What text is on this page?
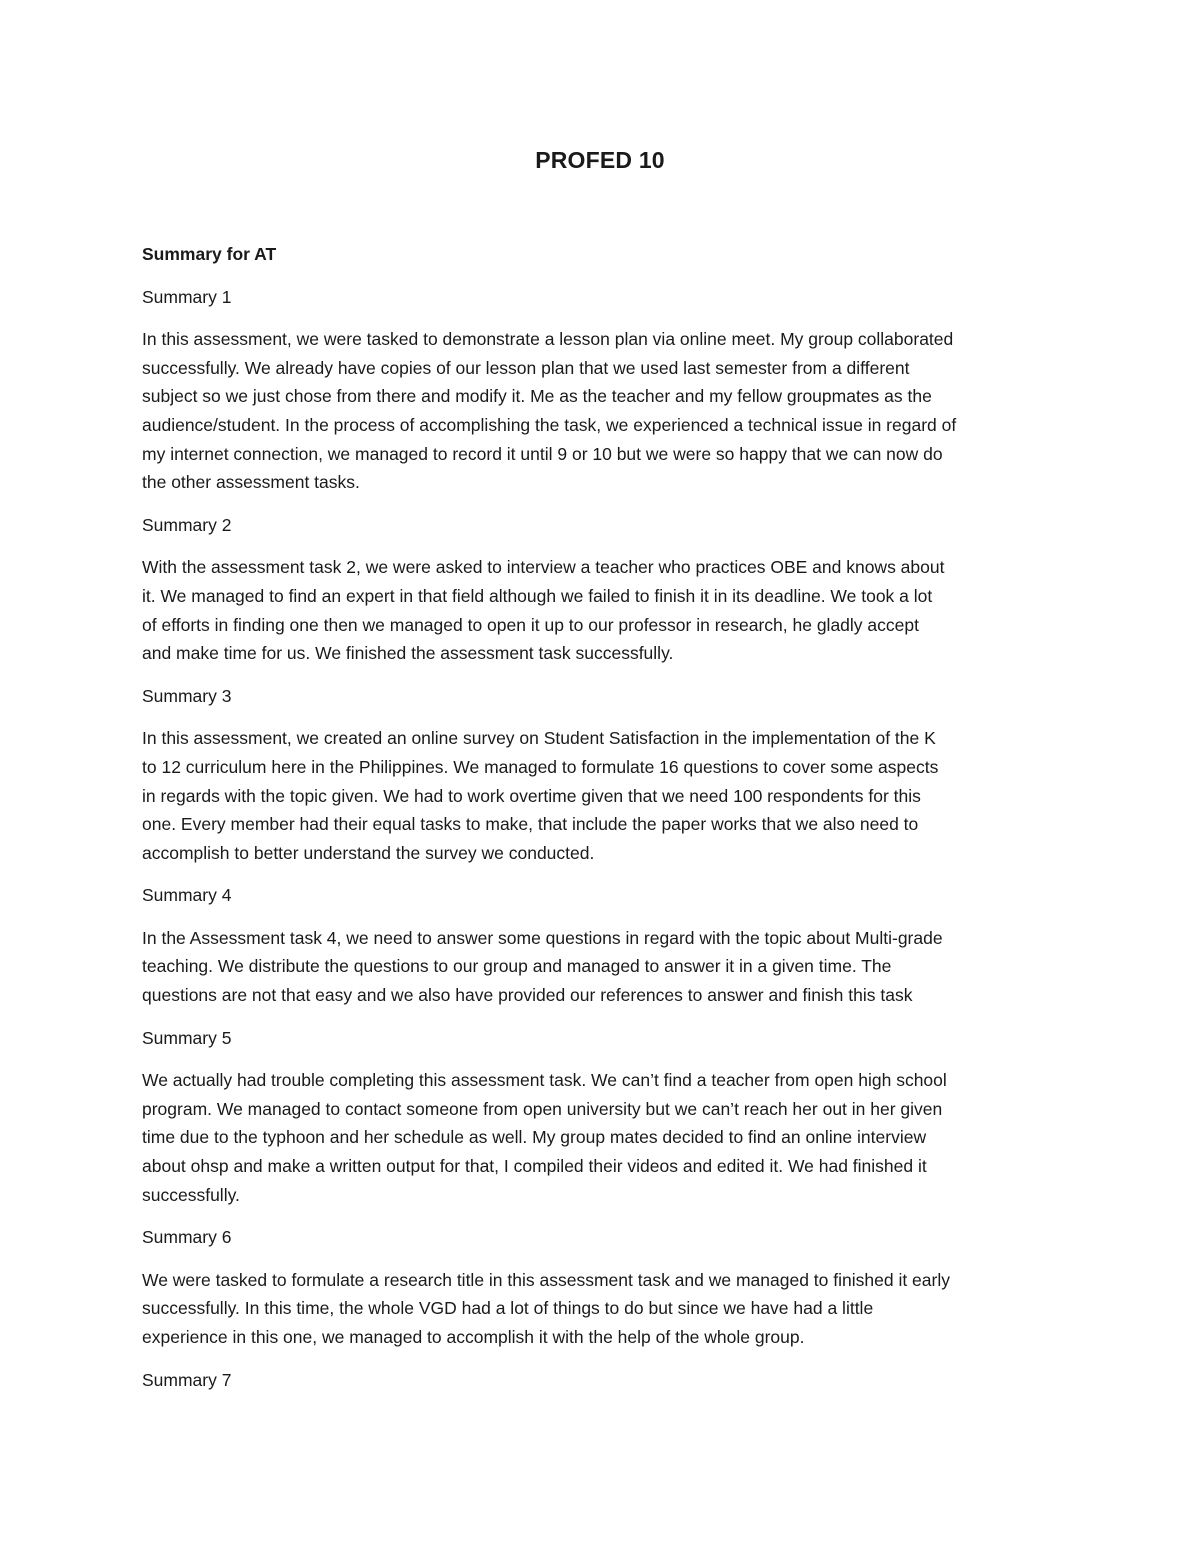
PROFED 10
Summary for AT
Summary 1
In this assessment, we were tasked to demonstrate a lesson plan via online meet. My group collaborated
successfully. We already have copies of our lesson plan that we used last semester from a different
subject so we just chose from there and modify it. Me as the teacher and my fellow groupmates as the
audience/student. In the process of accomplishing the task, we experienced a technical issue in regard of
my internet connection, we managed to record it until 9 or 10 but we were so happy that we can now do
the other assessment tasks.
Summary 2
With the assessment task 2, we were asked to interview a teacher who practices OBE and knows about
it. We managed to find an expert in that field although we failed to finish it in its deadline. We took a lot
of efforts in finding one then we managed to open it up to our professor in research, he gladly accept
and make time for us. We finished the assessment task successfully.
Summary 3
In this assessment, we created an online survey on Student Satisfaction in the implementation of the K
to 12 curriculum here in the Philippines. We managed to formulate 16 questions to cover some aspects
in regards with the topic given. We had to work overtime given that we need 100 respondents for this
one. Every member had their equal tasks to make, that include the paper works that we also need to
accomplish to better understand the survey we conducted.
Summary 4
In the Assessment task 4, we need to answer some questions in regard with the topic about Multi-grade
teaching. We distribute the questions to our group and managed to answer it in a given time. The
questions are not that easy and we also have provided our references to answer and finish this task
Summary 5
We actually had trouble completing this assessment task. We can’t find a teacher from open high school
program. We managed to contact someone from open university but we can’t reach her out in her given
time due to the typhoon and her schedule as well. My group mates decided to find an online interview
about ohsp and make a written output for that, I compiled their videos and edited it. We had finished it
successfully.
Summary 6
We were tasked to formulate a research title in this assessment task and we managed to finished it early
successfully. In this time, the whole VGD had a lot of things to do but since we have had a little
experience in this one, we managed to accomplish it with the help of the whole group.
Summary 7
